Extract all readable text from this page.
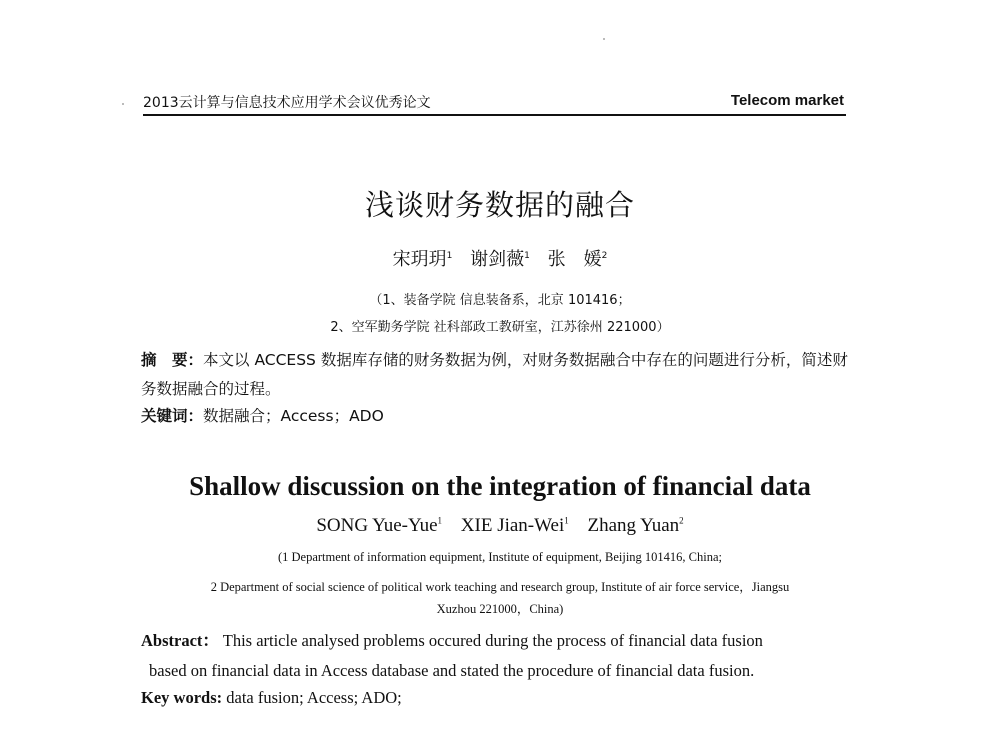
2013云计算与信息技术应用学术会议优秀论文	Telecom market
浅谈财务数据的融合
宋玥玥$^1$ 谢剑薇$^1$ 张　媛$^2$
（1、装备学院 信息装备系，北京 101416；
2、空军勤务学院 社科部政工教研室，江苏徐州 221000）
摘　要：本文以 ACCESS 数据库存储的财务数据为例，对财务数据融合中存在的问题进行分析，简述财务数据融合的过程。
关键词：数据融合；Access；ADO
Shallow discussion on the integration of financial data
SONG Yue-Yue$^1$ XIE Jian-Wei$^1$ Zhang Yuan$^2$
(1 Department of information equipment, Institute of equipment, Beijing 101416, China;
2 Department of social science of political work teaching and research group, Institute of air force service，Jiangsu
Xuzhou 221000，China)
Abstract： This article analysed problems occured during the process of financial data fusion
based on financial data in Access database and stated the procedure of financial data fusion.
Key words: data fusion; Access; ADO;
